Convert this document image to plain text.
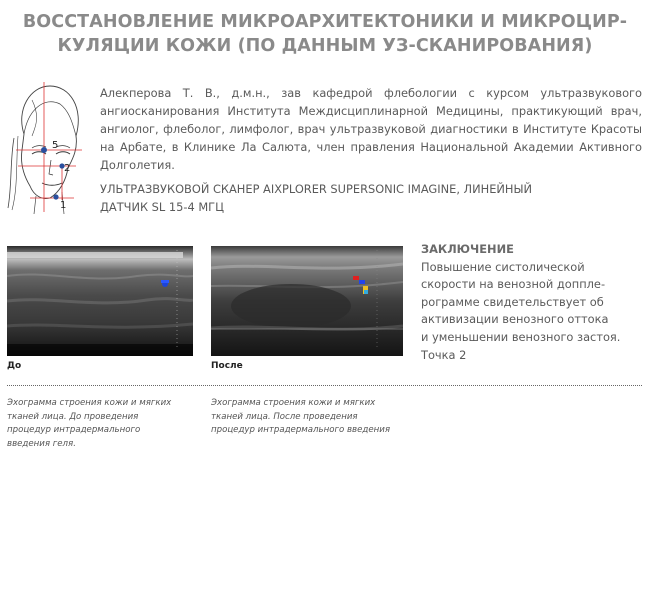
ВОССТАНОВЛЕНИЕ МИКРОАРХИТЕКТОНИКИ И МИКРОЦИР-КУЛЯЦИИ КОЖИ (ПО ДАННЫМ УЗ-СКАНИРОВАНИЯ)
5
2
1
Алекперова Т. В., д.м.н., зав кафедрой флебологии с курсом ультразвукового ангиосканирования Института Междисциплинарной Медицины, практикующий врач, ангиолог, флеболог, лимфолог, врач ультразвуковой диагностики в Институте Красоты на Арбате, в Клинике Ла Салюта, член правления Национальной Академии Активного Долголетия.
УЛЬТРАЗВУКОВОЙ СКАНЕР AIXPLORER SUPERSONIC IMAGINE, ЛИНЕЙНЫЙ ДАТЧИК SL 15-4 МГЦ
До	После
ЗАКЛЮЧЕНИЕ
Повышение систолической
скорости на венозной доппле-
рограмме свидетельствует об
активизации венозного оттока
и уменьшении венозного застоя.
Точка 2
Эхограмма строения кожи и мягких
тканей лица. До проведения
процедур интрадермального
введения геля.
Эхограмма строения кожи и мягких
тканей лица. После проведения
процедур интрадермального введения
